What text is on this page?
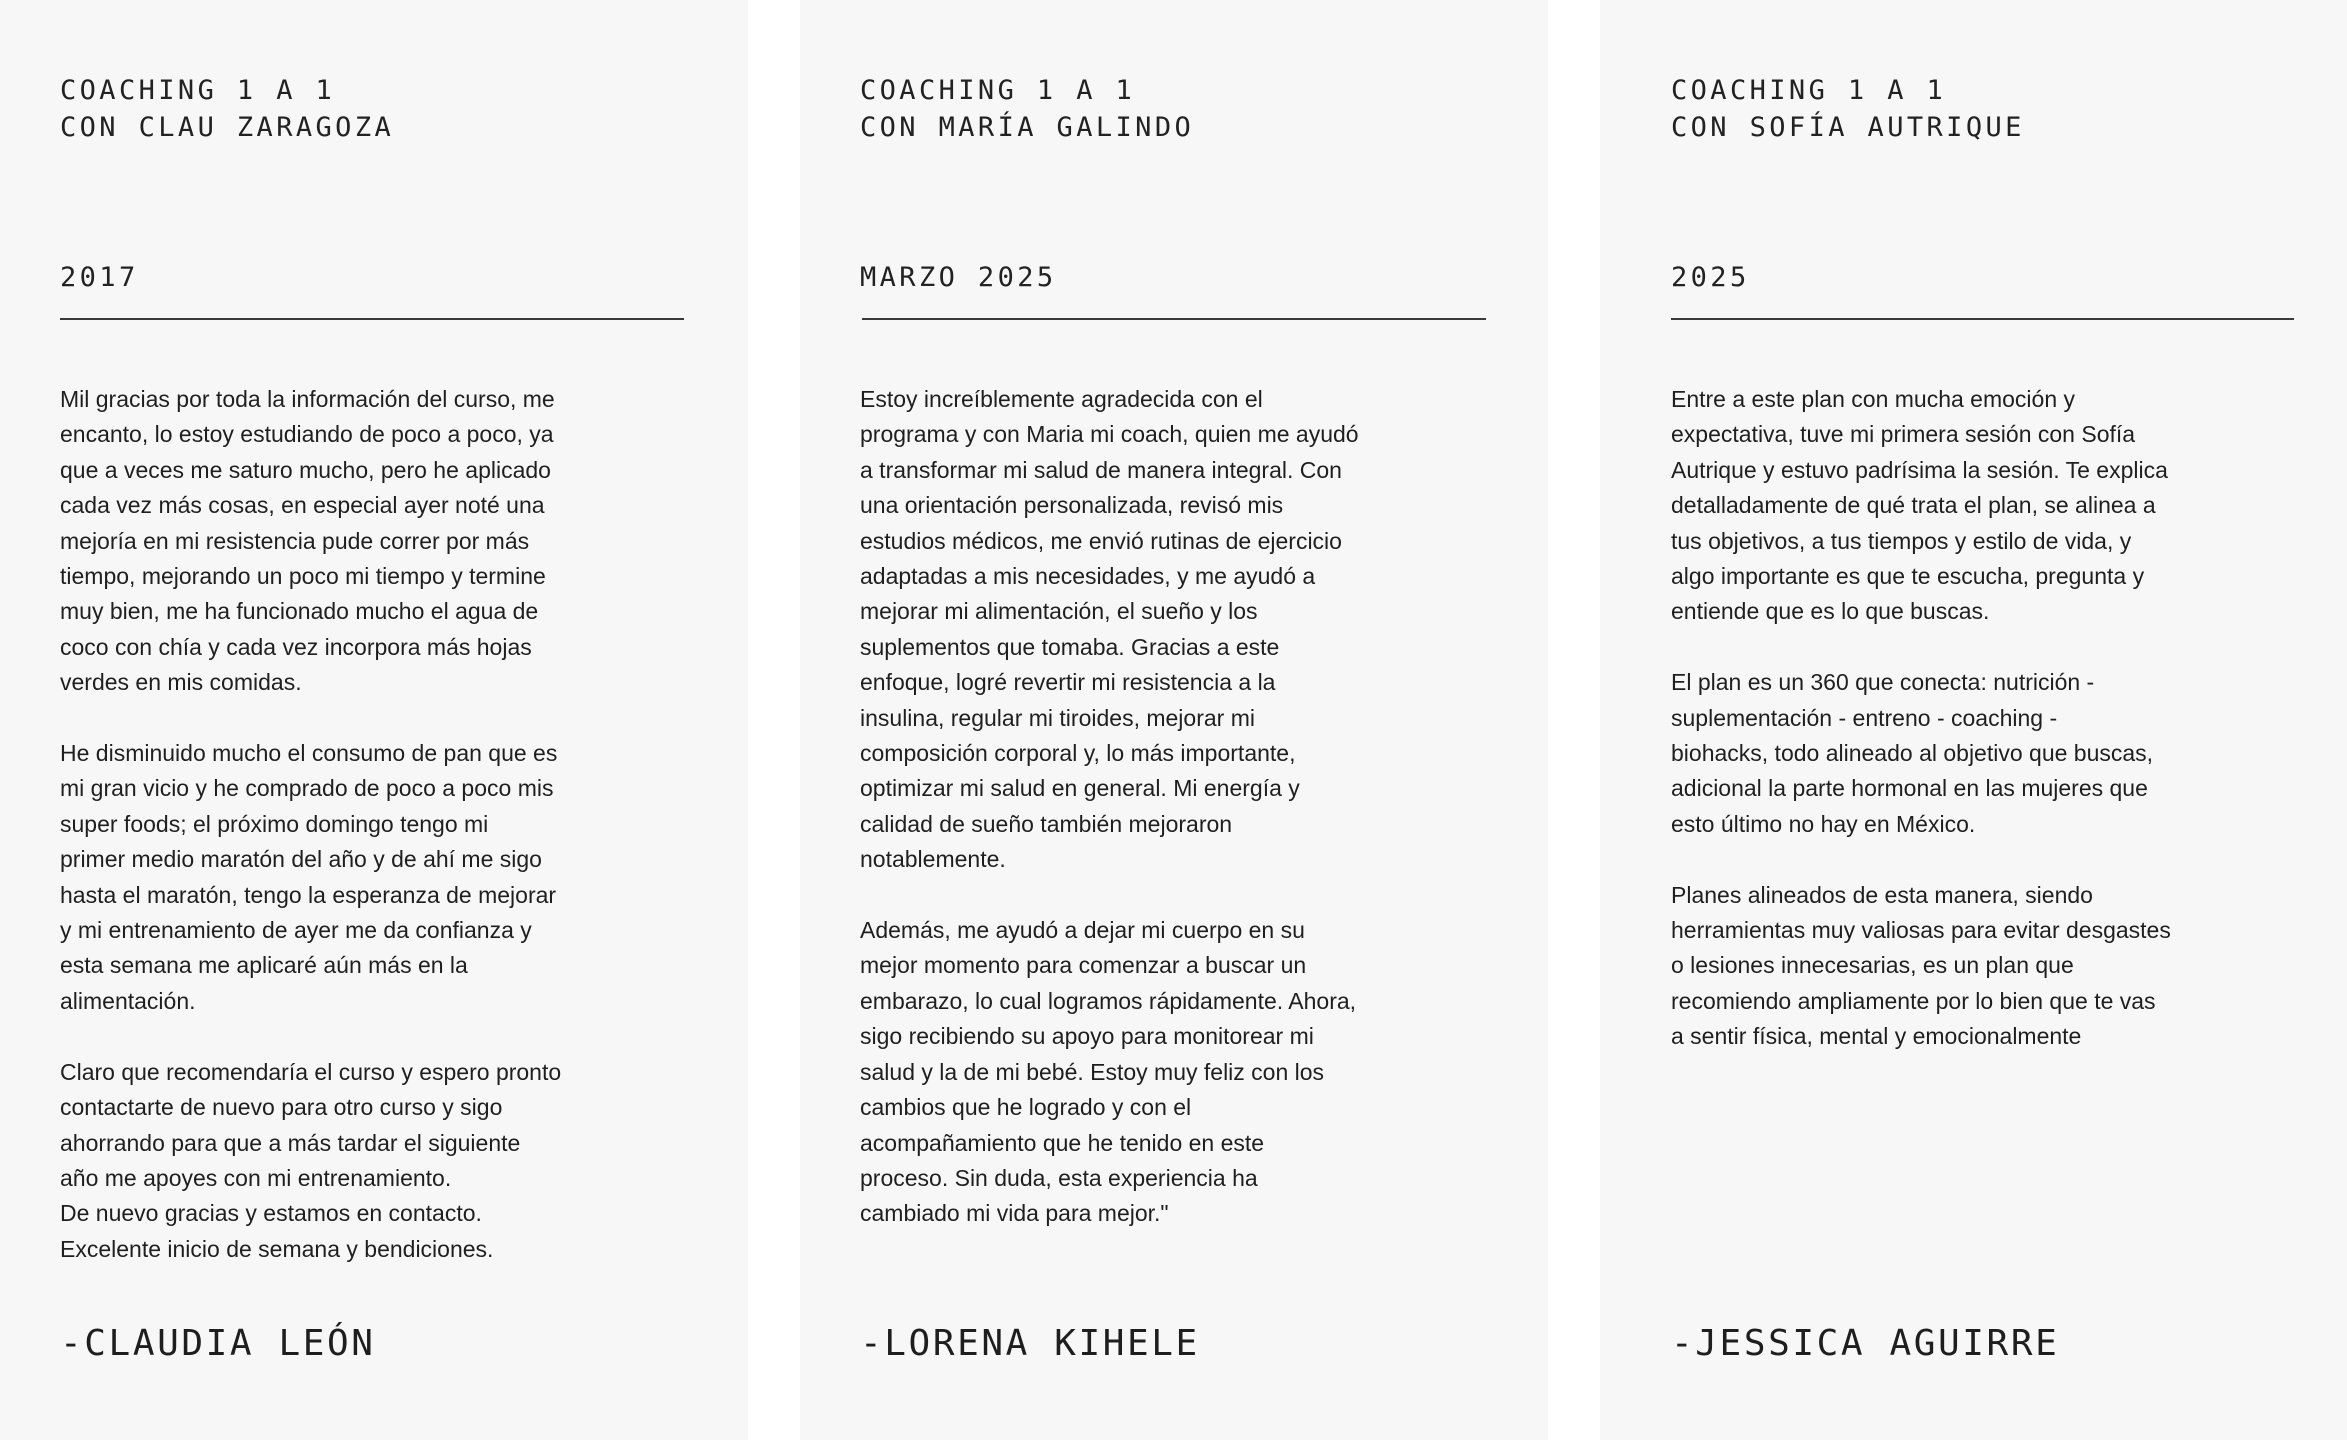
COACHING 1 A 1
CON CLAU ZARAGOZA
2017

Mil gracias por toda la información del curso, me
encanto, lo estoy estudiando de poco a poco, ya
que a veces me saturo mucho, pero he aplicado
cada vez más cosas, en especial ayer noté una
mejoría en mi resistencia pude correr por más
tiempo, mejorando un poco mi tiempo y termine
muy bien, me ha funcionado mucho el agua de
coco con chía y cada vez incorpora más hojas
verdes en mis comidas.

He disminuido mucho el consumo de pan que es
mi gran vicio y he comprado de poco a poco mis
super foods; el próximo domingo tengo mi
primer medio maratón del año y de ahí me sigo
hasta el maratón, tengo la esperanza de mejorar
y mi entrenamiento de ayer me da confianza y
esta semana me aplicaré aún más en la
alimentación.

Claro que recomendaría el curso y espero pronto
contactarte de nuevo para otro curso y sigo
ahorrando para que a más tardar el siguiente
año me apoyes con mi entrenamiento.
De nuevo gracias y estamos en contacto.
Excelente inicio de semana y bendiciones.

-CLAUDIA LEÓN
COACHING 1 A 1
CON MARÍA GALINDO
MARZO 2025

Estoy increíblemente agradecida con el
programa y con Maria mi coach, quien me ayudó
a transformar mi salud de manera integral. Con
una orientación personalizada, revisó mis
estudios médicos, me envió rutinas de ejercicio
adaptadas a mis necesidades, y me ayudó a
mejorar mi alimentación, el sueño y los
suplementos que tomaba. Gracias a este
enfoque, logré revertir mi resistencia a la
insulina, regular mi tiroides, mejorar mi
composición corporal y, lo más importante,
optimizar mi salud en general. Mi energía y
calidad de sueño también mejoraron
notablemente.

Además, me ayudó a dejar mi cuerpo en su
mejor momento para comenzar a buscar un
embarazo, lo cual logramos rápidamente. Ahora,
sigo recibiendo su apoyo para monitorear mi
salud y la de mi bebé. Estoy muy feliz con los
cambios que he logrado y con el
acompañamiento que he tenido en este
proceso. Sin duda, esta experiencia ha
cambiado mi vida para mejor."

-LORENA KIHELE
COACHING 1 A 1
CON SOFÍA AUTRIQUE
2025

Entre a este plan con mucha emoción y
expectativa, tuve mi primera sesión con Sofía
Autrique y estuvo padrísima la sesión. Te explica
detalladamente de qué trata el plan, se alinea a
tus objetivos, a tus tiempos y estilo de vida, y
algo importante es que te escucha, pregunta y
entiende que es lo que buscas.

El plan es un 360 que conecta: nutrición -
suplementación - entreno - coaching -
biohacks, todo alineado al objetivo que buscas,
adicional la parte hormonal en las mujeres que
esto último no hay en México.

Planes alineados de esta manera, siendo
herramientas muy valiosas para evitar desgastes
o lesiones innecesarias, es un plan que
recomiendo ampliamente por lo bien que te vas
a sentir física, mental y emocionalmente

-JESSICA AGUIRRE
